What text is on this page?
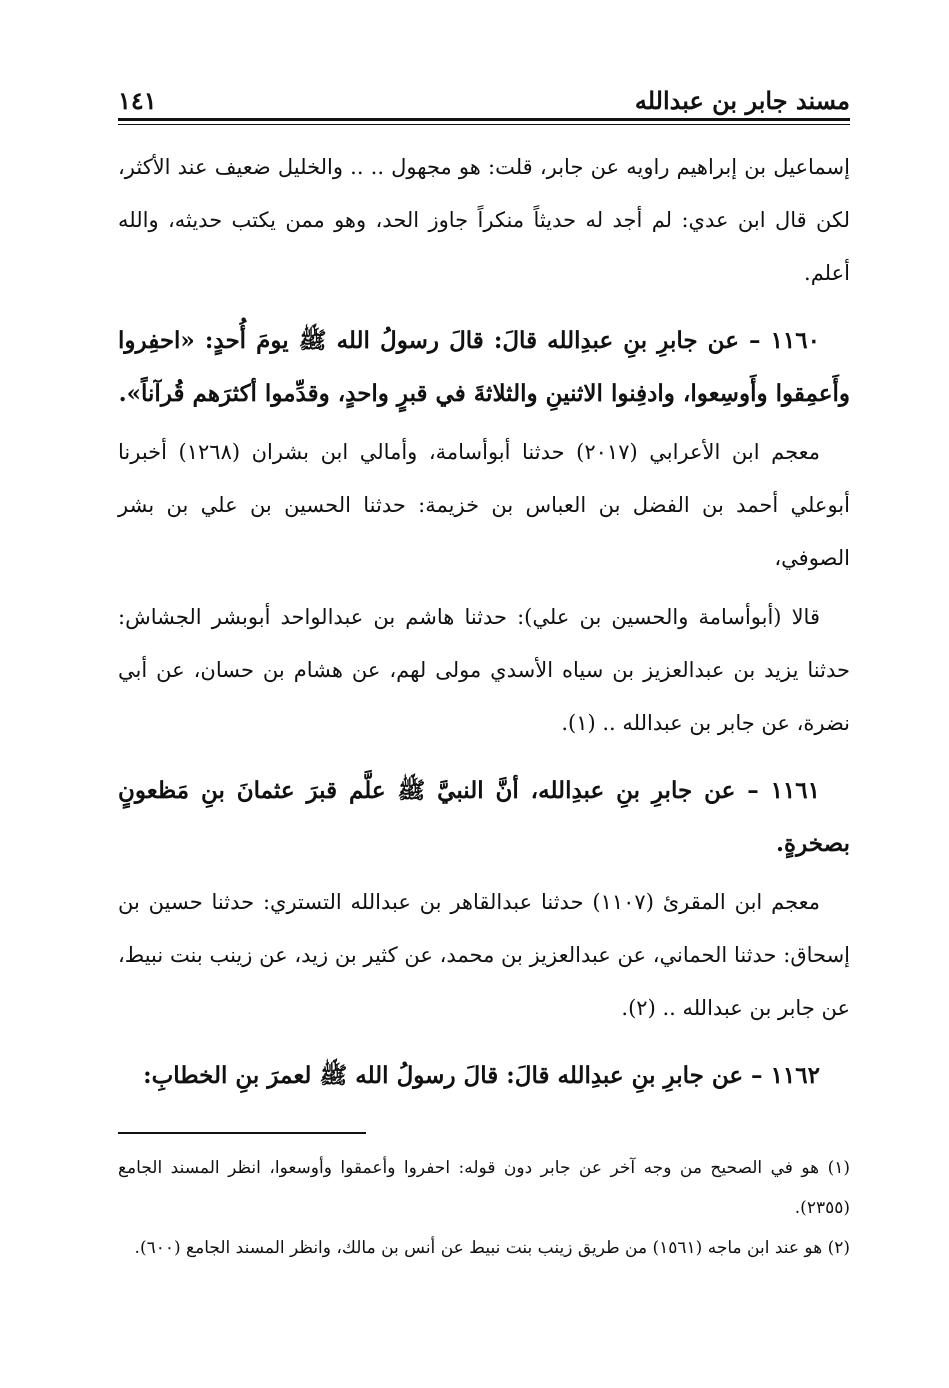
مسند جابر بن عبدالله
١٤١

إسماعيل بن إبراهيم راويه عن جابر، قلت: هو مجهول .. .. والخليل ضعيف عند الأكثر، لكن قال ابن عدي: لم أجد له حديثاً منكراً جاوز الحد، وهو ممن يكتب حديثه، والله أعلم.

١١٦٠ – عن جابرِ بنِ عبدِالله قالَ: قالَ رسولُ الله ﷺ يومَ أُحدٍ: «احفِروا وأَعمِقوا وأَوسِعوا، وادفِنوا الاثنينِ والثلاثةَ في قبرٍ واحدٍ، وقدِّموا أكثرَهم قُرآناً».

معجم ابن الأعرابي (٢٠١٧) حدثنا أبوأسامة، وأمالي ابن بشران (١٢٦٨) أخبرنا أبوعلي أحمد بن الفضل بن العباس بن خزيمة: حدثنا الحسين بن علي بن بشر الصوفي،

قالا (أبوأسامة والحسين بن علي): حدثنا هاشم بن عبدالواحد أبوبشر الجشاش: حدثنا يزيد بن عبدالعزيز بن سياه الأسدي مولى لهم، عن هشام بن حسان، عن أبي نضرة، عن جابر بن عبدالله .. (١).

١١٦١ – عن جابرِ بنِ عبدِالله، أنَّ النبيَّ ﷺ علَّم قبرَ عثمانَ بنِ مَظعونٍ بصخرةٍ.

معجم ابن المقرئ (١١٠٧) حدثنا عبدالقاهر بن عبدالله التستري: حدثنا حسين بن إسحاق: حدثنا الحماني، عن عبدالعزيز بن محمد، عن كثير بن زيد، عن زينب بنت نبيط، عن جابر بن عبدالله .. (٢).

١١٦٢ – عن جابرِ بنِ عبدِالله قالَ: قالَ رسولُ الله ﷺ لعمرَ بنِ الخطابِ:

(١) هو في الصحيح من وجه آخر عن جابر دون قوله: احفروا وأعمقوا وأوسعوا، انظر المسند الجامع (٢٣٥٥).

(٢) هو عند ابن ماجه (١٥٦١) من طريق زينب بنت نبيط عن أنس بن مالك، وانظر المسند الجامع (٦٠٠).
